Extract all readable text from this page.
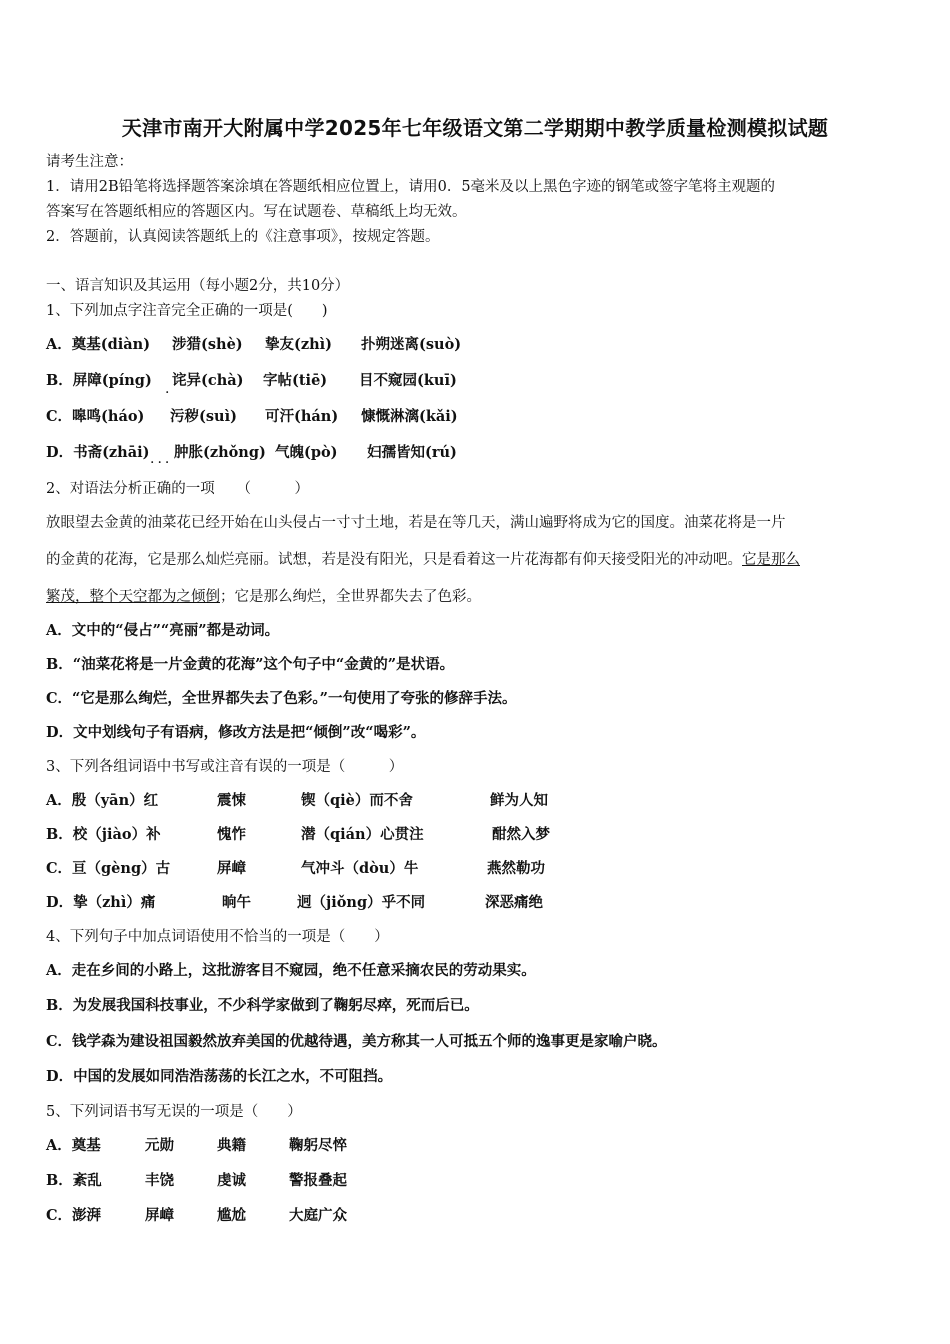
天津市南开大附属中学2025年七年级语文第二学期期中教学质量检测模拟试题
请考生注意：
1．请用2B铅笔将选择题答案涂填在答题纸相应位置上，请用0．5毫米及以上黑色字迹的钢笔或签字笔将主观题的
答案写在答题纸相应的答题区内。写在试题卷、草稿纸上均无效。
2．答题前，认真阅读答题纸上的《注意事项》，按规定答题。
一、语言知识及其运用（每小题2分，共10分）
1、下列加点字注音完全正确的一项是(　　)
A．奠基(diàn) 涉猎(shè) 挚友(zhì) 扑朔迷离(suò)
B．屏障(píng) 诧异(chà) 字帖(tiē) 目不窥园(kuī)
·
C．嗥鸣(háo) 污秽(suì) 可汗(hán) 慷慨淋漓(kǎi)
D．书斋(zhāi) 肿胀(zhǒng) 气魄(pò) 妇孺皆知(rú)
···
2、对语法分析正确的一项　　（　　　）
放眼望去金黄的油菜花已经开始在山头侵占一寸寸土地，若是在等几天，满山遍野将成为它的国度。油菜花将是一片
的金黄的花海，它是那么灿烂亮丽。试想，若是没有阳光，只是看着这一片花海都有仰天接受阳光的冲动吧。它是那么
繁茂，整个天空都为之倾倒；它是那么绚烂，全世界都失去了色彩。
A．文中的“侵占”“亮丽”都是动词。
B．“油菜花将是一片金黄的花海”这个句子中“金黄的”是状语。
C．“它是那么绚烂，全世界都失去了色彩。”一句使用了夸张的修辞手法。
D．文中划线句子有语病，修改方法是把“倾倒”改“喝彩”。
3、下列各组词语中书写或注音有误的一项是（　　　）
A．殷（yān）红	震悚	锲（qiè）而不舍	鲜为人知
B．校（jiào）补	愧怍	潜（qián）心贯注	酣然入梦
C．亘（gèng）古	屏嶂	气冲斗（dòu）牛	燕然勒功
D．挚（zhì）痛	晌午	迥（jiǒng）乎不同	深恶痛绝
4、下列句子中加点词语使用不恰当的一项是（　　）
A．走在乡间的小路上，这批游客目不窥园，绝不任意采摘农民的劳动果实。
B．为发展我国科技事业，不少科学家做到了鞠躬尽瘁，死而后已。
C．钱学森为建设祖国毅然放弃美国的优越待遇，美方称其一人可抵五个师的逸事更是家喻户晓。
D．中国的发展如同浩浩荡荡的长江之水，不可阻挡。
5、下列词语书写无误的一项是（　　）
A．奠基	元勋	典籍	鞠躬尽悴
B．紊乱	丰饶	虔诚	警报叠起
C．澎湃	屏嶂	尴尬	大庭广众
